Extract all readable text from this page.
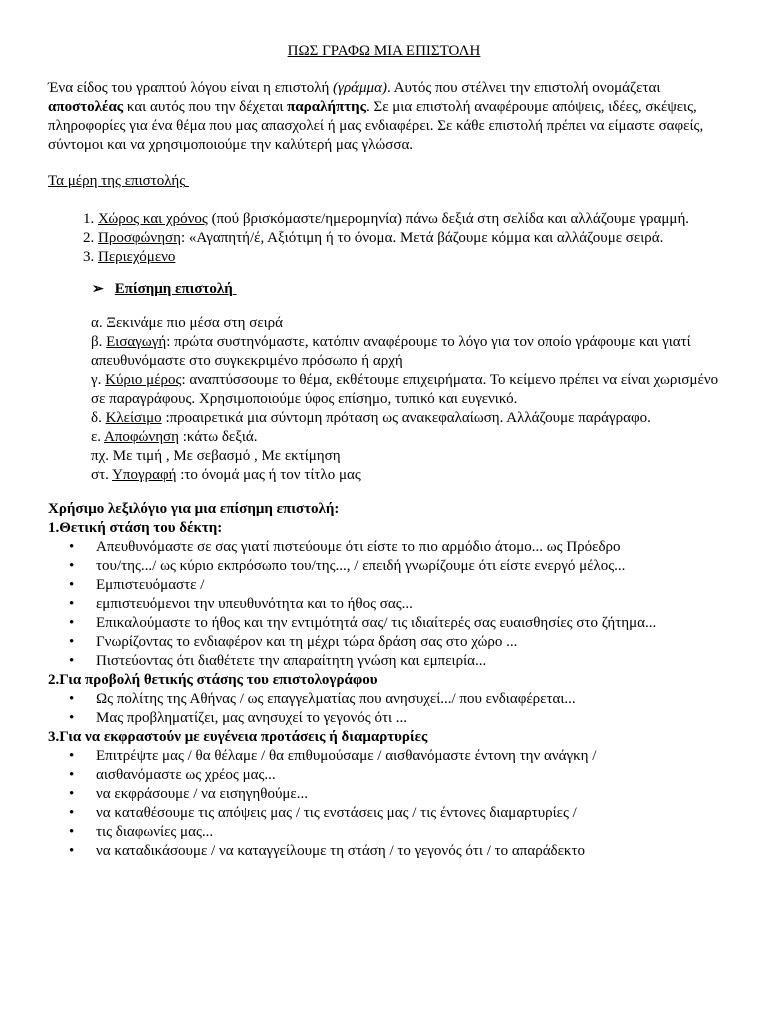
ΠΩΣ ΓΡΑΦΩ ΜΙΑ ΕΠΙΣΤΟΛΗ

Ένα είδος του γραπτού λόγου είναι η επιστολή (γράμμα). Αυτός που στέλνει την επιστολή ονομάζεται αποστολέας και αυτός που την δέχεται παραλήπτης. Σε μια επιστολή αναφέρουμε απόψεις, ιδέες, σκέψεις, πληροφορίες για ένα θέμα που μας απασχολεί ή μας ενδιαφέρει. Σε κάθε επιστολή πρέπει να είμαστε σαφείς, σύντομοι και να χρησιμοποιούμε την καλύτερή μας γλώσσα.

Τα μέρη της επιστολής

1. Χώρος και χρόνος (πού βρισκόμαστε/ημερομηνία) πάνω δεξιά στη σελίδα και αλλάζουμε γραμμή.
2. Προσφώνηση: «Αγαπητή/έ, Αξιότιμη ή το όνομα. Μετά βάζουμε κόμμα και αλλάζουμε σειρά.
3. Περιεχόμενο
➢ Επίσημη επιστολή

α. Ξεκινάμε πιο μέσα στη σειρά

β. Εισαγωγή: πρώτα συστηνόμαστε, κατόπιν αναφέρουμε το λόγο για τον οποίο γράφουμε και γιατί απευθυνόμαστε στο συγκεκριμένο πρόσωπο ή αρχή

γ. Κύριο μέρος: αναπτύσσουμε το θέμα, εκθέτουμε επιχειρήματα. Το κείμενο πρέπει να είναι χωρισμένο σε παραγράφους. Χρησιμοποιούμε ύφος επίσημο, τυπικό και ευγενικό.

δ. Κλείσιμο :προαιρετικά μια σύντομη πρόταση ως ανακεφαλαίωση. Αλλάζουμε παράγραφο.

ε. Αποφώνηση :κάτω δεξιά.

πχ. Με τιμή , Με σεβασμό , Με εκτίμηση

στ. Υπογραφή :το όνομά μας ή τον τίτλο μας

Χρήσιμο λεξιλόγιο για μια επίσημη επιστολή:

1.Θετική στάση του δέκτη:

• Απευθυνόμαστε σε σας γιατί πιστεύουμε ότι είστε το πιο αρμόδιο άτομο... ως Πρόεδρο
• του/της.../ ως κύριο εκπρόσωπο του/της..., / επειδή γνωρίζουμε ότι είστε ενεργό μέλος...
• Εμπιστευόμαστε /
• εμπιστευόμενοι την υπευθυνότητα και το ήθος σας...
• Επικαλούμαστε το ήθος και την εντιμότητά σας/ τις ιδιαίτερές σας ευαισθησίες στο ζήτημα...
• Γνωρίζοντας το ενδιαφέρον και τη μέχρι τώρα δράση σας στο χώρο ...
• Πιστεύοντας ότι διαθέτετε την απαραίτητη γνώση και εμπειρία...

2.Για προβολή θετικής στάσης του επιστολογράφου

• Ως πολίτης της Αθήνας / ως επαγγελματίας που ανησυχεί.../ που ενδιαφέρεται...
• Μας προβληματίζει, μας ανησυχεί το γεγονός ότι ...

3.Για να εκφραστούν με ευγένεια προτάσεις ή διαμαρτυρίες

• Επιτρέψτε μας / θα θέλαμε / θα επιθυμούσαμε / αισθανόμαστε έντονη την ανάγκη /
• αισθανόμαστε ως χρέος μας...
• να εκφράσουμε / να εισηγηθούμε...
• να καταθέσουμε τις απόψεις μας / τις ενστάσεις μας / τις έντονες διαμαρτυρίες /
• τις διαφωνίες μας...
• να καταδικάσουμε / να καταγγείλουμε τη στάση / το γεγονός ότι / το απαράδεκτο
